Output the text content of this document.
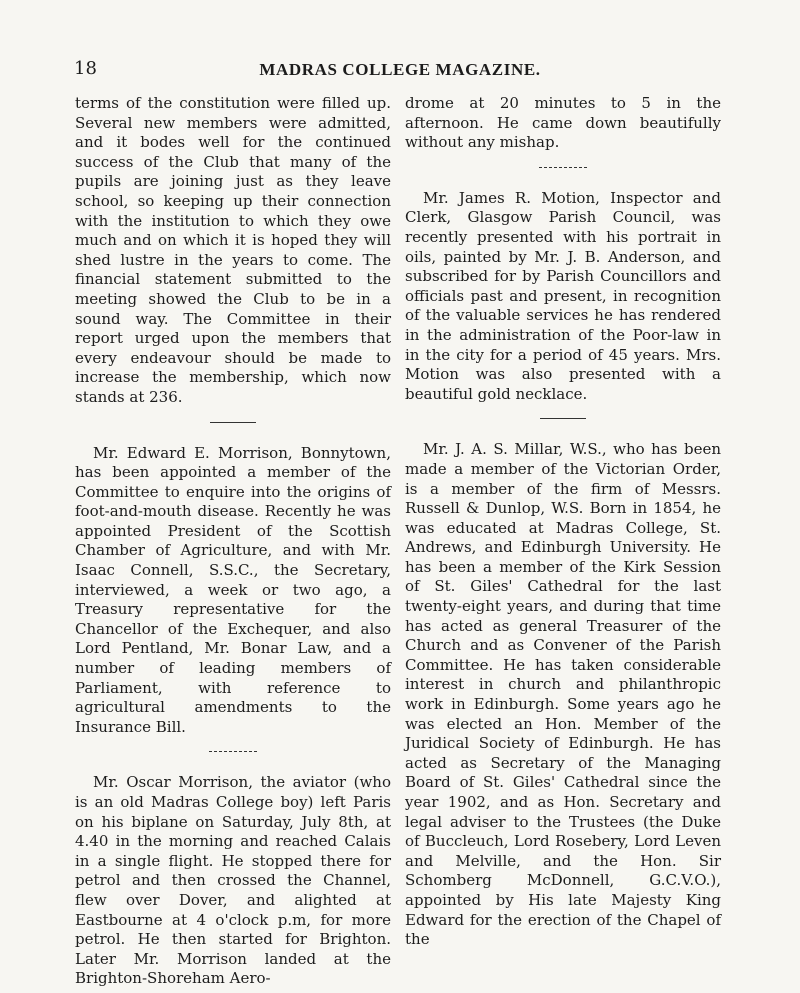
18	MADRAS COLLEGE MAGAZINE.

terms of the constitution were filled up. Several new members were admitted, and it bodes well for the continued success of the Club that many of the pupils are joining just as they leave school, so keeping up their connection with the institution to which they owe much and on which it is hoped they will shed lustre in the years to come. The financial statement submitted to the meeting showed the Club to be in a sound way. The Committee in their report urged upon the members that every endeavour should be made to increase the membership, which now stands at 236.

Mr. Edward E. Morrison, Bonnytown, has been appointed a member of the Committee to enquire into the origins of foot-and-mouth disease. Recently he was appointed President of the Scottish Chamber of Agriculture, and with Mr. Isaac Connell, S.S.C., the Secretary, interviewed, a week or two ago, a Treasury representative for the Chancellor of the Exchequer, and also Lord Pentland, Mr. Bonar Law, and a number of leading members of Parliament, with reference to agricultural amendments to the Insurance Bill.

Mr. Oscar Morrison, the aviator (who is an old Madras College boy) left Paris on his biplane on Saturday, July 8th, at 4.40 in the morning and reached Calais in a single flight. He stopped there for petrol and then crossed the Channel, flew over Dover, and alighted at Eastbourne at 4 o'clock p.m, for more petrol. He then started for Brighton. Later Mr. Morrison landed at the Brighton-Shoreham Aero-

drome at 20 minutes to 5 in the afternoon. He came down beautifully without any mishap.

Mr. James R. Motion, Inspector and Clerk, Glasgow Parish Council, was recently presented with his portrait in oils, painted by Mr. J. B. Anderson, and subscribed for by Parish Councillors and officials past and present, in recognition of the valuable services he has rendered in the administration of the Poor-law in in the city for a period of 45 years. Mrs. Motion was also presented with a beautiful gold necklace.

Mr. J. A. S. Millar, W.S., who has been made a member of the Victorian Order, is a member of the firm of Messrs. Russell & Dunlop, W.S. Born in 1854, he was educated at Madras College, St. Andrews, and Edinburgh University. He has been a member of the Kirk Session of St. Giles' Cathedral for the last twenty-eight years, and during that time has acted as general Treasurer of the Church and as Convener of the Parish Committee. He has taken considerable interest in church and philanthropic work in Edinburgh. Some years ago he was elected an Hon. Member of the Juridical Society of Edinburgh. He has acted as Secretary of the Managing Board of St. Giles' Cathedral since the year 1902, and as Hon. Secretary and legal adviser to the Trustees (the Duke of Buccleuch, Lord Rosebery, Lord Leven and Melville, and the Hon. Sir Schomberg McDonnell, G.C.V.O.), appointed by His late Majesty King Edward for the erection of the Chapel of the
